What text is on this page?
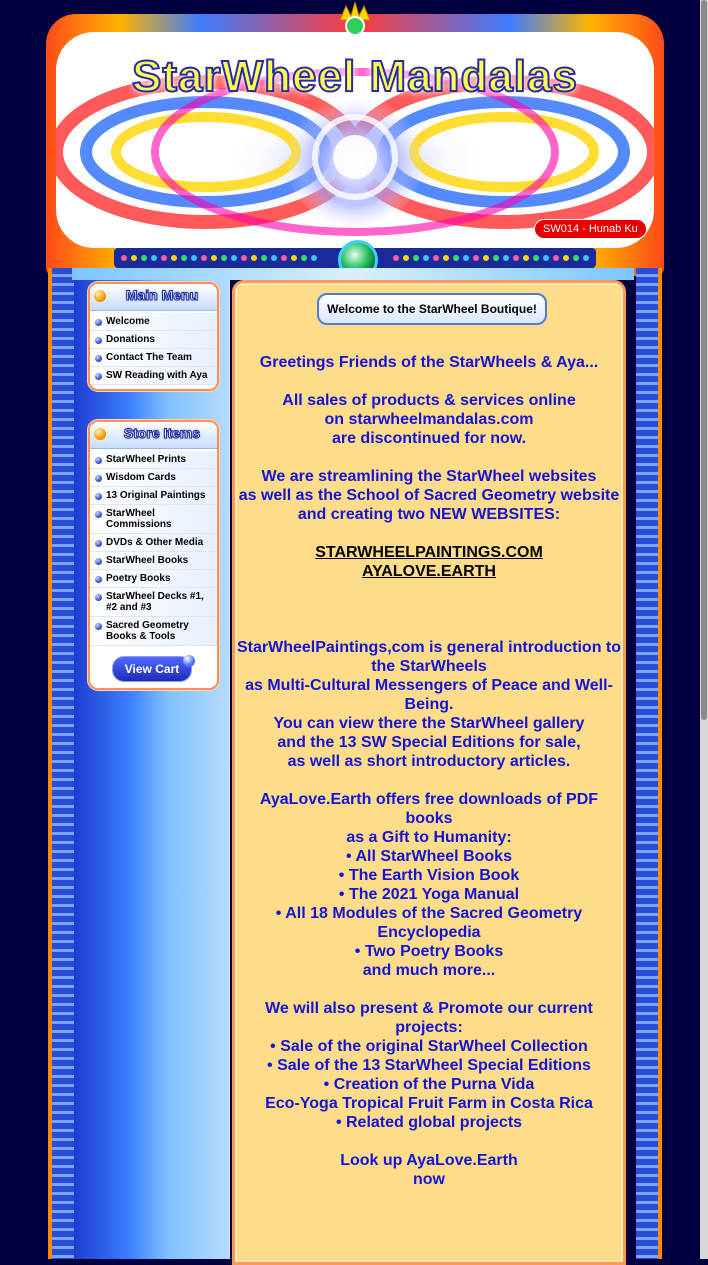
StarWheel Mandalas
SW014 - Hunab Ku
Main Menu
Welcome
Donations
Contact The Team
SW Reading with Aya
Store Items
StarWheel Prints
Wisdom Cards
13 Original Paintings
StarWheel Commissions
DVDs & Other Media
StarWheel Books
Poetry Books
StarWheel Decks #1, #2 and #3
Sacred Geometry Books & Tools
View Cart
Welcome to the StarWheel Boutique!

Greetings Friends of the StarWheels & Aya...

All sales of products & services online
on starwheelmandalas.com
are discontinued for now.

We are streamlining the StarWheel websites
as well as the School of Sacred Geometry website
and creating two NEW WEBSITES:

STARWHEELPAINTINGS.COM
AYALOVE.EARTH

StarWheelPaintings,com is general introduction to the StarWheels
as Multi-Cultural Messengers of Peace and Well-Being.
You can view there the StarWheel gallery
and the 13 SW Special Editions for sale,
as well as short introductory articles.

AyaLove.Earth offers free downloads of PDF books
as a Gift to Humanity:
• All StarWheel Books
• The Earth Vision Book
• The 2021 Yoga Manual
• All 18 Modules of the Sacred Geometry Encyclopedia
• Two Poetry Books
and much more...

We will also present & Promote our current projects:
• Sale of the original StarWheel Collection
• Sale of the 13 StarWheel Special Editions
• Creation of the Purna Vida
Eco-Yoga Tropical Fruit Farm in Costa Rica
• Related global projects

Look up AyaLove.Earth
now
